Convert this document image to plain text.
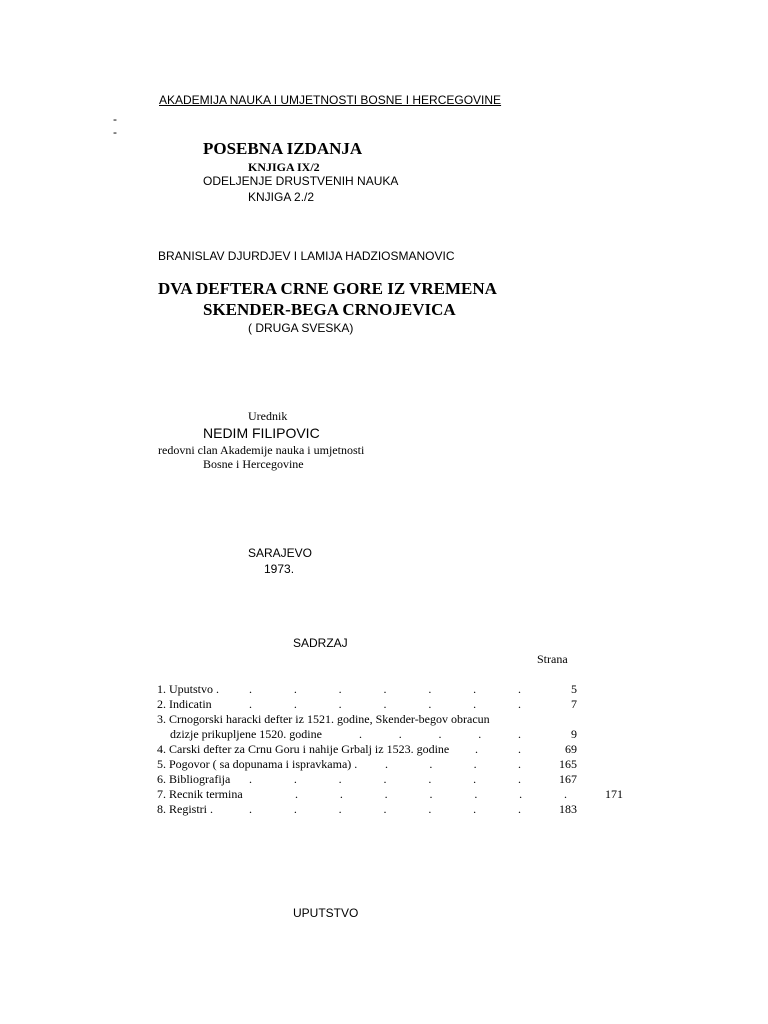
AKADEMIJA NAUKA I UMJETNOSTI BOSNE I HERCEGOVINE
-
-
POSEBNA IZDANJA
KNJIGA IX/2
ODELJENJE DRUSTVENIH NAUKA
KNJIGA 2./2
BRANISLAV DJURDJEV I LAMIJA HADZIOSMANOVIC
DVA DEFTERA CRNE GORE IZ VREMENA
SKENDER-BEGA CRNOJEVICA
( DRUGA SVESKA)
Urednik
NEDIM FILIPOVIC
redovni clan Akademije nauka i umjetnosti
Bosne i Hercegovine
SARAJEVO
1973.
SADRZAJ
Strana
1. Uputstvo . .	.	.	.	.	.	.	5
2. Indicatin	.	.	.	.	.	.	.	7
3. Crnogorski haracki defter iz 1521. godine, Skender-begov obracun
dzizje prikupljene 1520. godine	.	.	.	.	.	9
4. Carski defter za Crnu Goru i nahije Grbalj iz 1523. godine .	.	69
5. Pogovor ( sa dopunama i ispravkama) . .	.	.	.	165
6. Bibliografija .	.	.	.	.	.	.	167
7. Recnik termina	.	.	.	.	.	.	.	171
8. Registri .	.	.	.	.	.	.	.	183
UPUTSTVO
